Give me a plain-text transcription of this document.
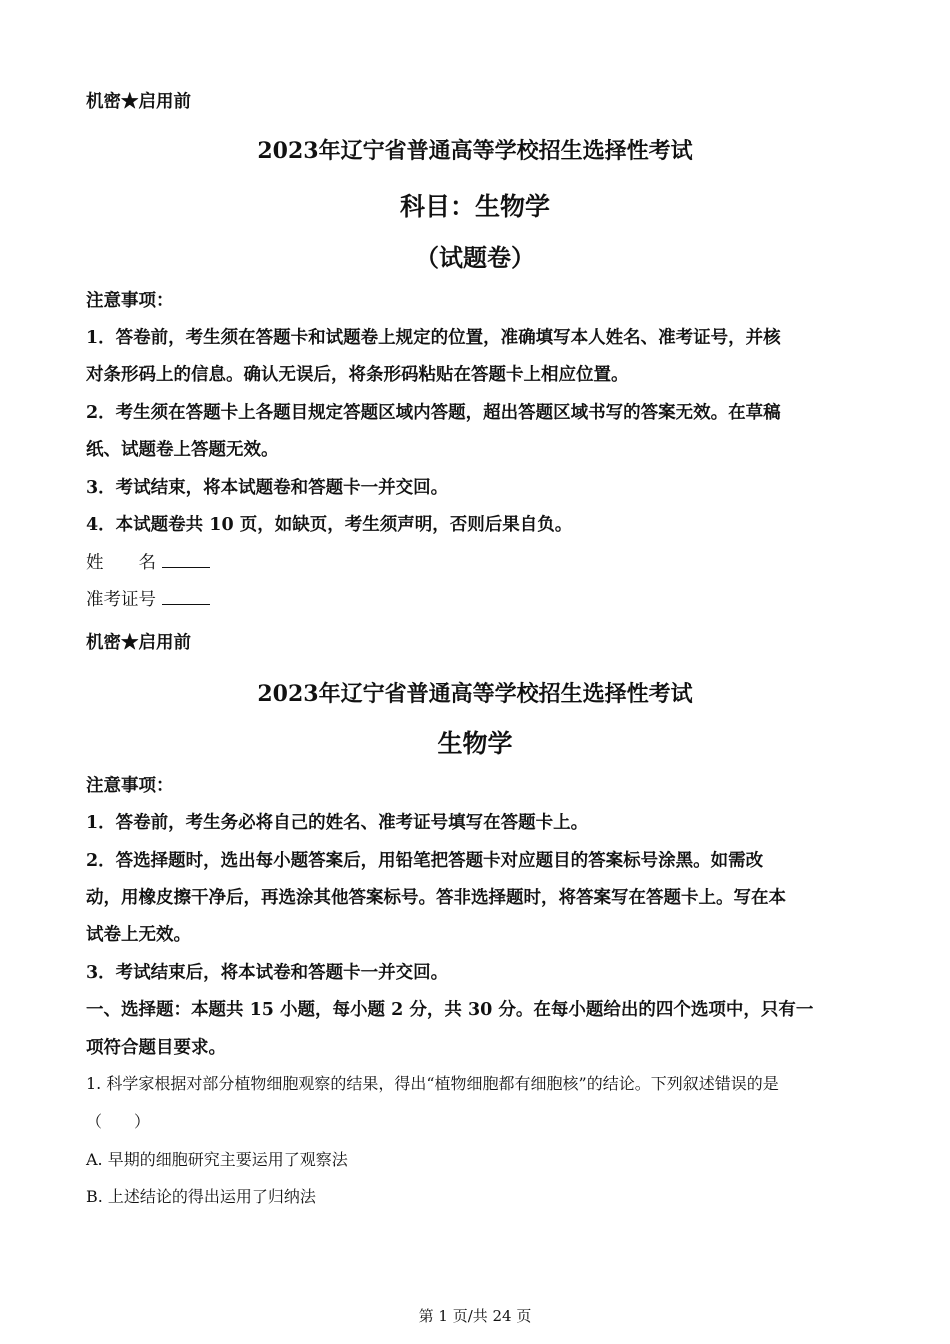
机密★启用前
2023年辽宁省普通高等学校招生选择性考试
科目：生物学
（试题卷）
注意事项：
1．答卷前，考生须在答题卡和试题卷上规定的位置，准确填写本人姓名、准考证号，并核
对条形码上的信息。确认无误后，将条形码粘贴在答题卡上相应位置。
2．考生须在答题卡上各题目规定答题区域内答题，超出答题区域书写的答案无效。在草稿
纸、试题卷上答题无效。
3．考试结束，将本试题卷和答题卡一并交回。
4．本试题卷共 10 页，如缺页，考生须声明，否则后果自负。
姓　　名
准考证号
机密★启用前
2023年辽宁省普通高等学校招生选择性考试
生物学
注意事项：
1．答卷前，考生务必将自己的姓名、准考证号填写在答题卡上。
2．答选择题时，选出每小题答案后，用铅笔把答题卡对应题目的答案标号涂黑。如需改
动，用橡皮擦干净后，再选涂其他答案标号。答非选择题时，将答案写在答题卡上。写在本
试卷上无效。
3．考试结束后，将本试卷和答题卡一并交回。
一、选择题：本题共 15 小题，每小题 2 分，共 30 分。在每小题给出的四个选项中，只有一
项符合题目要求。
1. 科学家根据对部分植物细胞观察的结果，得出“植物细胞都有细胞核”的结论。下列叙述错误的是
（　　）
A. 早期的细胞研究主要运用了观察法
B. 上述结论的得出运用了归纳法
第 1 页/共 24 页
